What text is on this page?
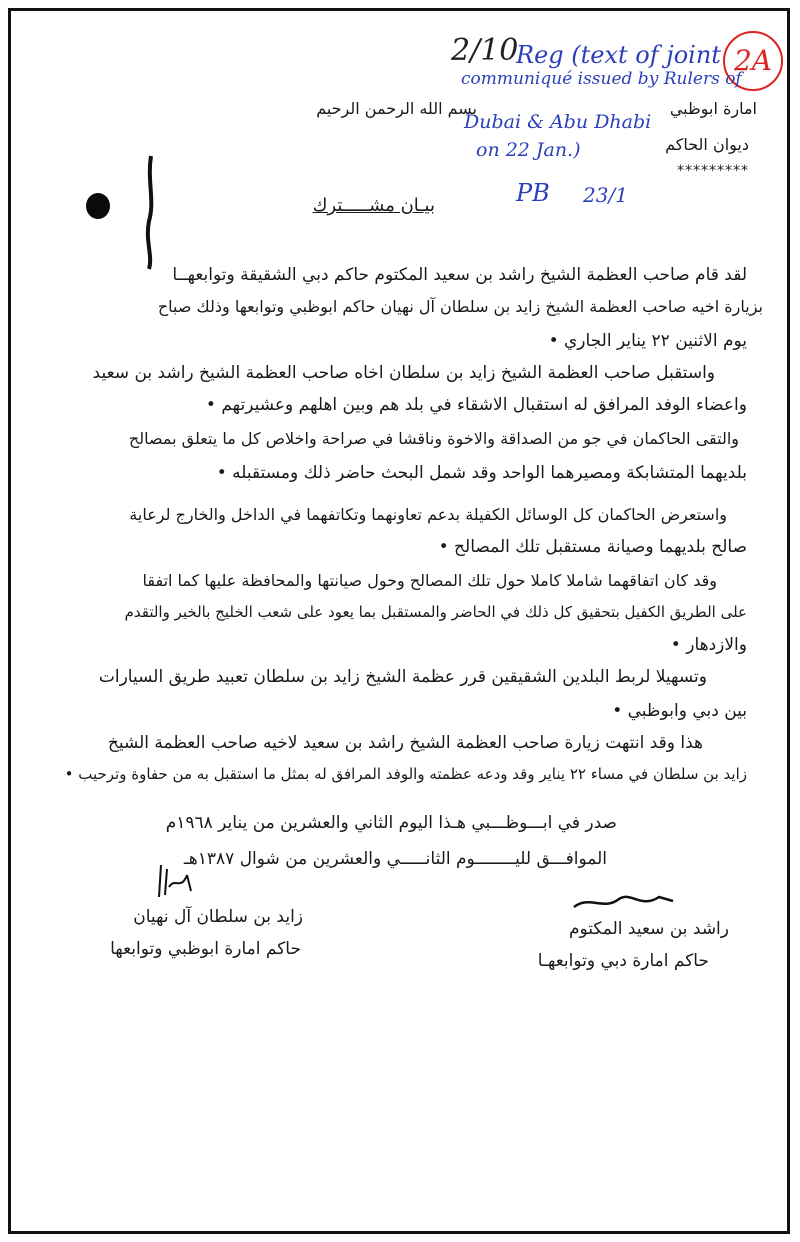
2/10	2A
Reg (text of joint
communiqué issued by Rulers of
Dubai & Abu Dhabi
on 22 Jan.)
PB 23/1
بسم الله الرحمن الرحيم	امارة ابوظبي
ديوان الحاكم
*********
بيـان مشـــــترك
لقد قام صاحب العظمة الشيخ راشد بن سعيد المكتوم حاكم دبي الشقيقة وتوابعهــا
بزيارة اخيه صاحب العظمة الشيخ زايد بن سلطان آل نهيان حاكم ابوظبي وتوابعها وذلك صباح
يوم الاثنين ٢٢ يناير الجاري •
واستقبل صاحب العظمة الشيخ زايد بن سلطان اخاه صاحب العظمة الشيخ راشد بن سعيد
واعضاء الوفد المرافق له استقبال الاشقاء في بلد هم وبين اهلهم وعشيرتهم •
والتقى الحاكمان في جو من الصداقة والاخوة وناقشا في صراحة واخلاص كل ما يتعلق بمصالح
بلديهما المتشابكة ومصيرهما الواحد وقد شمل البحث حاضر ذلك ومستقبله •
واستعرض الحاكمان كل الوسائل الكفيلة بدعم تعاونهما وتكاتفهما في الداخل والخارج لرعاية
صالح بلديهما وصيانة مستقبل تلك المصالح •
وقد كان اتفاقهما شاملا كاملا حول تلك المصالح وحول صيانتها والمحافظة عليها كما اتفقا
على الطريق الكفيل بتحقيق كل ذلك في الحاضر والمستقبل بما يعود على شعب الخليج بالخير والتقدم
والازدهار •
وتسهيلا لربط البلدين الشقيقين قرر عظمة الشيخ زايد بن سلطان تعبيد طريق السيارات
بين دبي وابوظبي •
هذا وقد انتهت زيارة صاحب العظمة الشيخ راشد بن سعيد لاخيه صاحب العظمة الشيخ
زايد بن سلطان في مساء ٢٢ يناير وقد ودعه عظمته والوفد المرافق له بمثل ما استقبل به من حفاوة وترحيب •
صدر في ابـــوظـــبي هـذا اليوم الثاني والعشرين من يناير ١٩٦٨م
الموافـــق لليــــــــوم الثانـــــي والعشرين من شوال ١٣٨٧هـ
راشد بن سعيد المكتوم
حاكم امارة دبي وتوابعهـا
زايد بن سلطان آل نهيان
حاكم امارة ابوظبي وتوابعها
